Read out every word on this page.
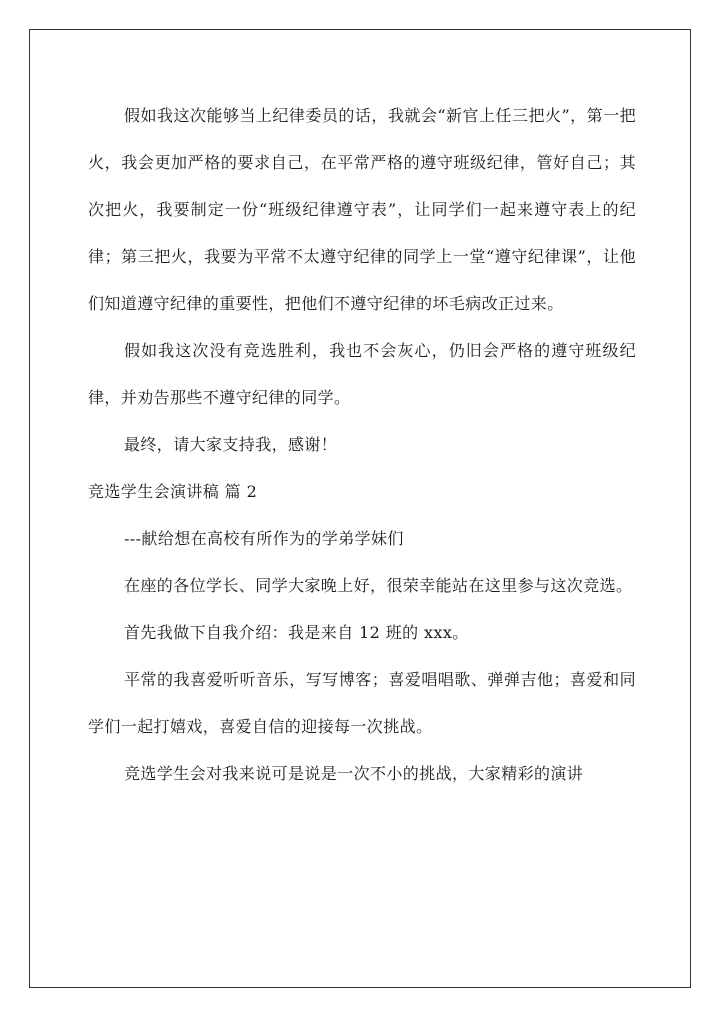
假如我这次能够当上纪律委员的话，我就会“新官上任三把火”，第一把火，我会更加严格的要求自己，在平常严格的遵守班级纪律，管好自己；其次把火，我要制定一份“班级纪律遵守表”，让同学们一起来遵守表上的纪律；第三把火，我要为平常不太遵守纪律的同学上一堂“遵守纪律课”，让他们知道遵守纪律的重要性，把他们不遵守纪律的坏毛病改正过来。

假如我这次没有竞选胜利，我也不会灰心，仍旧会严格的遵守班级纪律，并劝告那些不遵守纪律的同学。

最终，请大家支持我，感谢！

竞选学生会演讲稿 篇 2

---献给想在高校有所作为的学弟学妹们

在座的各位学长、同学大家晚上好，很荣幸能站在这里参与这次竞选。

首先我做下自我介绍：我是来自 12 班的 xxx。

平常的我喜爱听听音乐，写写博客；喜爱唱唱歌、弹弹吉他；喜爱和同学们一起打嬉戏，喜爱自信的迎接每一次挑战。

竞选学生会对我来说可是说是一次不小的挑战，大家精彩的演讲
